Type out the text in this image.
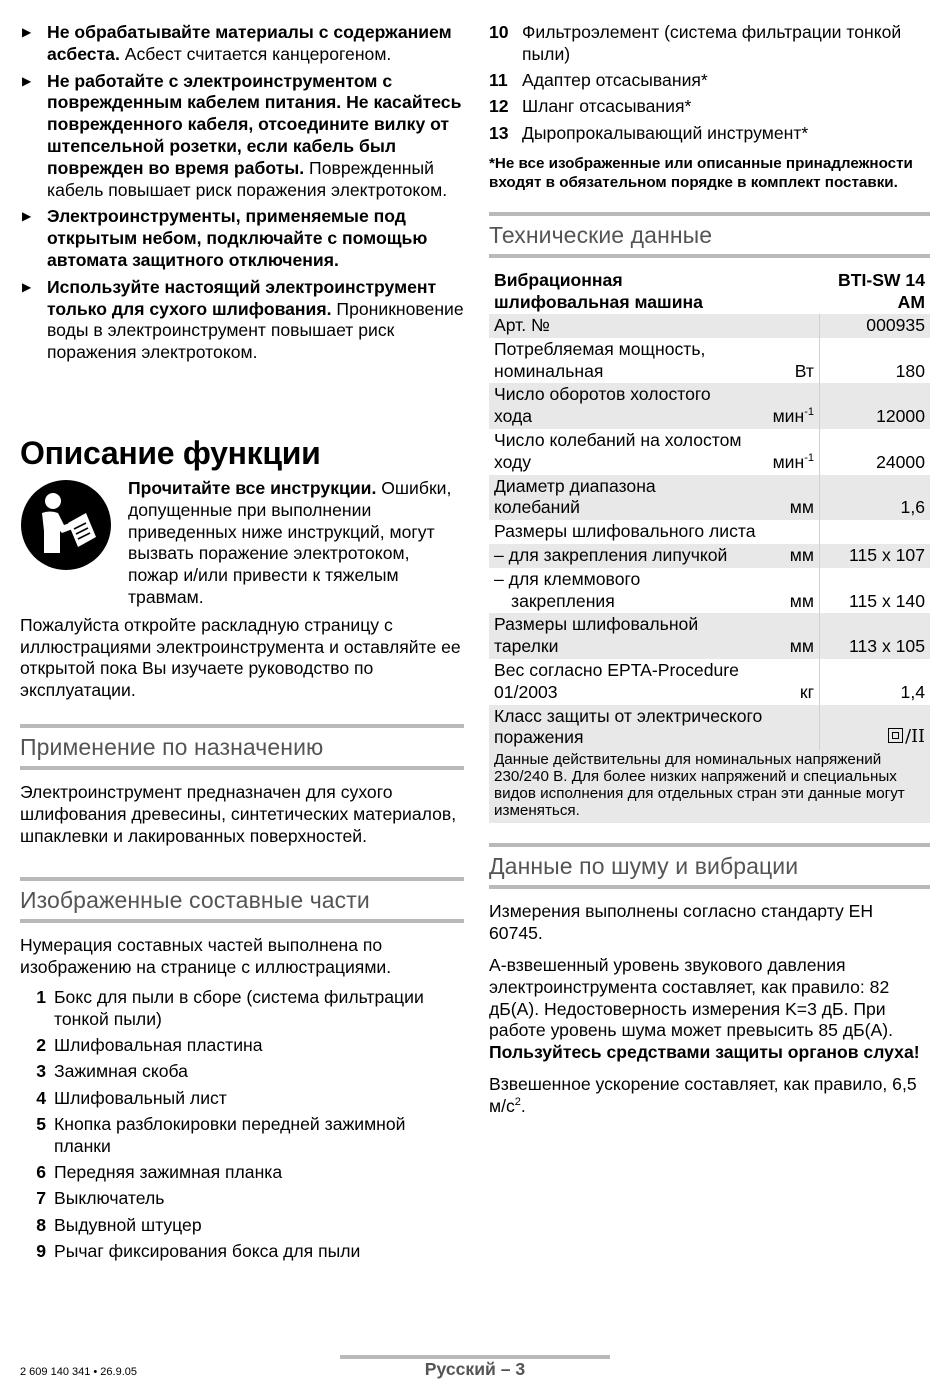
▶ Не обрабатывайте материалы с содержанием асбеста. Асбест считается канцерогеном.
▶ Не работайте с электроинструментом с поврежденным кабелем питания. Не касайтесь поврежденного кабеля, отсоедините вилку от штепсельной розетки, если кабель был поврежден во время работы. Поврежденный кабель повышает риск поражения электротоком.
▶ Электроинструменты, применяемые под открытым небом, подключайте с помощью автомата защитного отключения.
▶ Используйте настоящий электроинструмент только для сухого шлифования. Проникновение воды в электроинструмент повышает риск поражения электротоком.
Описание функции
Прочитайте все инструкции. Ошибки, допущенные при выполнении приведенных ниже инструкций, могут вызвать поражение электротоком, пожар и/или привести к тяжелым травмам.

Пожалуйста откройте раскладную страницу с иллюстрациями электроинструмента и оставляйте ее открытой пока Вы изучаете руководство по эксплуатации.

Применение по назначению

Электроинструмент предназначен для сухого шлифования древесины, синтетических материалов, шпаклевки и лакированных поверхностей.

Изображенные составные части

Нумерация составных частей выполнена по изображению на странице с иллюстрациями.

1 Бокс для пыли в сборе (система фильтрации тонкой пыли)
2 Шлифовальная пластина
3 Зажимная скоба
4 Шлифовальный лист
5 Кнопка разблокировки передней зажимной планки
6 Передняя зажимная планка
7 Выключатель
8 Выдувной штуцер
9 Рычаг фиксирования бокса для пыли
10 Фильтроэлемент (система фильтрации тонкой пыли)
11 Адаптер отсасывания*
12 Шланг отсасывания*
13 Дыропрокалывающий инструмент*
*Не все изображенные или описанные принадлежности входят в обязательном порядке в комплект поставки.
Технические данные
Вибрационная шлифовальная машина		BTI-SW 14 AM
Арт. №		000935
Потребляемая мощность, номинальная	Вт	180
Число оборотов холостого хода	мин$^{-1}$	12000
Число колебаний на холостом ходу	мин$^{-1}$	24000
Диаметр диапазона колебаний	мм	1,6
Размеры шлифовального листа		

– для закрепления липучкой	мм	115 x 107

– для клеммового закрепления	мм	115 x 140
Размеры шлифовальной тарелки	мм	113 x 105
Вес согласно EPTA-Procedure 01/2003	кг	1,4
Класс защиты от электрического поражения		/II
Данные действительны для номинальных напряжений 230/240 В. Для более низких напряжений и специальных видов исполнения для отдельных стран эти данные могут изменяться.
Данные по шуму и вибрации

Измерения выполнены согласно стандарту EH 60745.

А-взвешенный уровень звукового давления электроинструмента составляет, как правило: 82 дБ(A). Недостоверность измерения K=3 дБ. При работе уровень шума может превысить 85 дБ(A).

Пользуйтесь средствами защиты органов слуха!

Взвешенное ускорение составляет, как правило, 6,5 $м/с^2$.

2 609 140 341 • 26.9.05	Русский – 3
